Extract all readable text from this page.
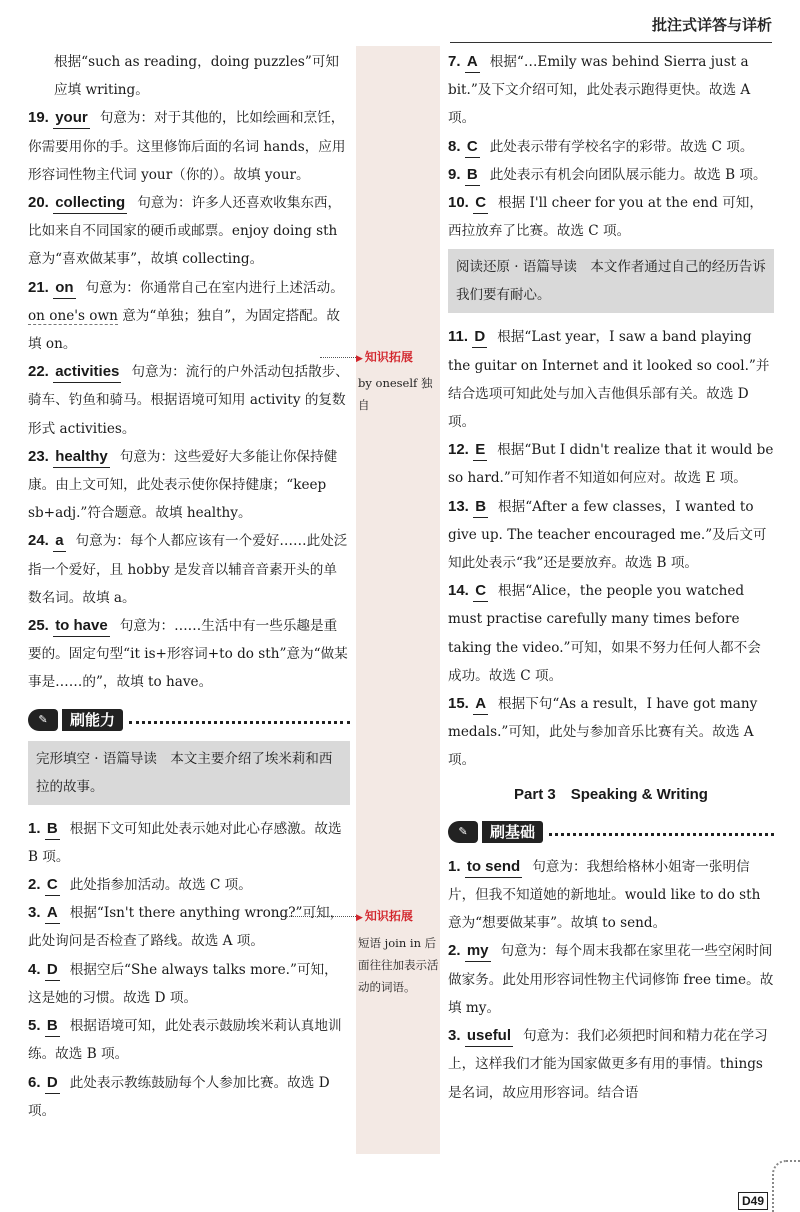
批注式详答与详析
▶ 知识拓展
by oneself 独自
▶ 知识拓展
短语 join in 后面往往加表示活动的词语。

根据“such as reading，doing puzzles”可知应填 writing。

19. your 句意为：对于其他的，比如绘画和烹饪，你需要用你的手。这里修饰后面的名词 hands，应用形容词性物主代词 your（你的）。故填 your。

20. collecting 句意为：许多人还喜欢收集东西，比如来自不同国家的硬币或邮票。enjoy doing sth 意为“喜欢做某事”，故填 collecting。

21. on 句意为：你通常自己在室内进行上述活动。on one's own 意为“单独；独自”，为固定搭配。故填 on。

22. activities 句意为：流行的户外活动包括散步、骑车、钓鱼和骑马。根据语境可知用 activity 的复数形式 activities。

23. healthy 句意为：这些爱好大多能让你保持健康。由上文可知，此处表示使你保持健康；“keep sb+adj.”符合题意。故填 healthy。

24. a 句意为：每个人都应该有一个爱好……此处泛指一个爱好，且 hobby 是发音以辅音音素开头的单数名词。故填 a。

25. to have 句意为：……生活中有一些乐趣是重要的。固定句型“it is+形容词+to do sth”意为“做某事是……的”，故填 to have。

✎	刷能力
完形填空 · 语篇导读　本文主要介绍了埃米莉和西拉的故事。

1. B 根据下文可知此处表示她对此心存感激。故选 B 项。

2. C 此处指参加活动。故选 C 项。

3. A 根据“Isn't there anything wrong?”可知，此处询问是否检查了路线。故选 A 项。

4. D 根据空后“She always talks more.”可知，这是她的习惯。故选 D 项。

5. B 根据语境可知，此处表示鼓励埃米莉认真地训练。故选 B 项。

6. D 此处表示教练鼓励每个人参加比赛。故选 D 项。

7. A 根据“…Emily was behind Sierra just a bit.”及下文介绍可知，此处表示跑得更快。故选 A 项。

8. C 此处表示带有学校名字的彩带。故选 C 项。

9. B 此处表示有机会向团队展示能力。故选 B 项。

10. C 根据 I'll cheer for you at the end 可知，西拉放弃了比赛。故选 C 项。

阅读还原 · 语篇导读　本文作者通过自己的经历告诉我们要有耐心。

11. D 根据“Last year，I saw a band playing the guitar on Internet and it looked so cool.”并结合选项可知此处与加入吉他俱乐部有关。故选 D 项。

12. E 根据“But I didn't realize that it would be so hard.”可知作者不知道如何应对。故选 E 项。

13. B 根据“After a few classes，I wanted to give up. The teacher encouraged me.”及后文可知此处表示“我”还是要放弃。故选 B 项。

14. C 根据“Alice，the people you watched must practise carefully many times before taking the video.”可知，如果不努力任何人都不会成功。故选 C 项。

15. A 根据下句“As a result，I have got many medals.”可知，此处与参加音乐比赛有关。故选 A 项。

Part 3　Speaking & Writing
✎	刷基础

1. to send 句意为：我想给格林小姐寄一张明信片，但我不知道她的新地址。would like to do sth 意为“想要做某事”。故填 to send。

2. my 句意为：每个周末我都在家里花一些空闲时间做家务。此处用形容词性物主代词修饰 free time。故填 my。

3. useful 句意为：我们必须把时间和精力花在学习上，这样我们才能为国家做更多有用的事情。things 是名词，故应用形容词。结合语

D49
